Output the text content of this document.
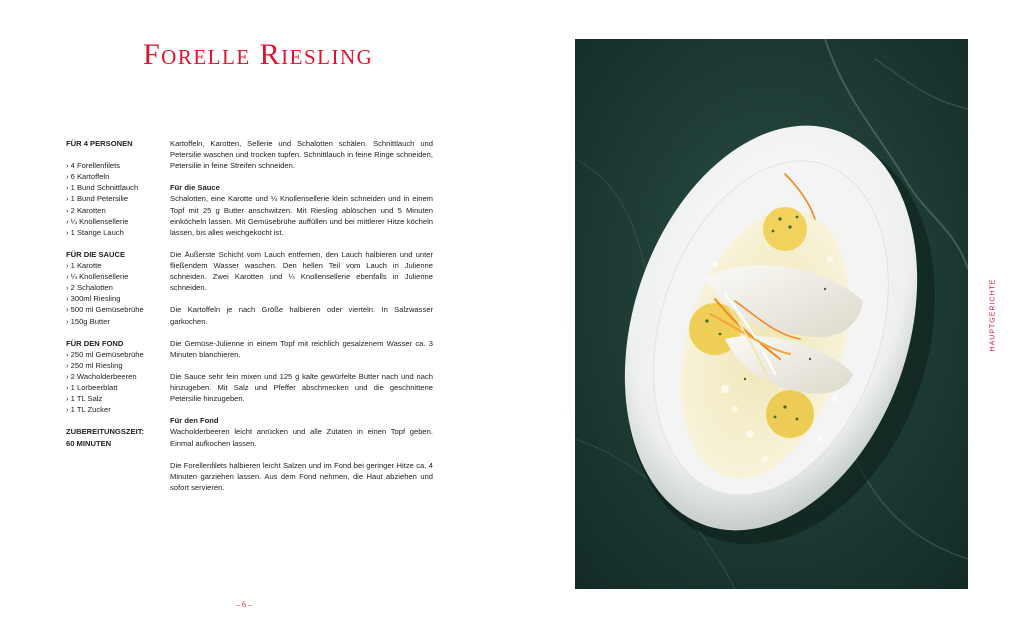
Forelle Riesling
FÜR 4 PERSONEN
› 4 Forellenfilets
› 6 Kartoffeln
› 1 Bund Schnittlauch
› 1 Bund Petersilie
› 2 Karotten
› ¼ Knollensellerie
› 1 Stange Lauch
FÜR DIE SAUCE
› 1 Karotte
› ¼ Knollensellerie
› 2 Schalotten
› 300ml Riesling
› 500 ml Gemüsebrühe
› 150g Butter
FÜR DEN FOND
› 250 ml Gemüsebrühe
› 250 ml Riesling
› 2 Wacholderbeeren
› 1 Lorbeerblatt
› 1 TL Salz
› 1 TL Zucker
ZUBEREITUNGSZEIT:
60 MINUTEN

Kartoffeln, Karotten, Sellerie und Schalotten schälen. Schnittlauch und Petersilie waschen und trocken tupfen. Schnittlauch in feine Ringe schneiden, Petersilie in feine Streifen schneiden.

Für die Sauce

Schalotten, eine Karotte und ¼ Knollensellerie klein schneiden und in einem Topf mit 25 g Butter anschwitzen. Mit Riesling ablöschen und 5 Minuten einköcheln lassen. Mit Gemüsebrühe auffüllen und bei mittlerer Hitze köcheln lassen, bis alles weichgekocht ist.

Die Äußerste Schicht vom Lauch entfernen, den Lauch halbieren und unter fließendem Wasser waschen. Den hellen Teil vom Lauch in Julienne schneiden. Zwei Karotten und ¼ Knollensellerie ebenfalls in Julienne schneiden.

Die Kartoffeln je nach Größe halbieren oder vierteln. In Salzwasser garkochen.

Die Gemüse-Julienne in einem Topf mit reichlich gesalzenem Wasser ca. 3 Minuten blanchieren.

Die Sauce sehr fein mixen und 125 g kalte gewürfelte Butter nach und nach hinzugeben. Mit Salz und Pfeffer abschmecken und die geschnittene Petersilie hinzugeben.

Für den Fond

Wacholderbeeren leicht anrücken und alle Zutaten in einen Topf geben. Einmal aufkochen lassen.

Die Forellenfilets halbieren leicht Salzen und im Fond bei geringer Hitze ca. 4 Minuten garziehen lassen. Aus dem Fond nehmen, die Haut abziehen und sofort servieren.

– 6 –
HAUPTGERICHTE
